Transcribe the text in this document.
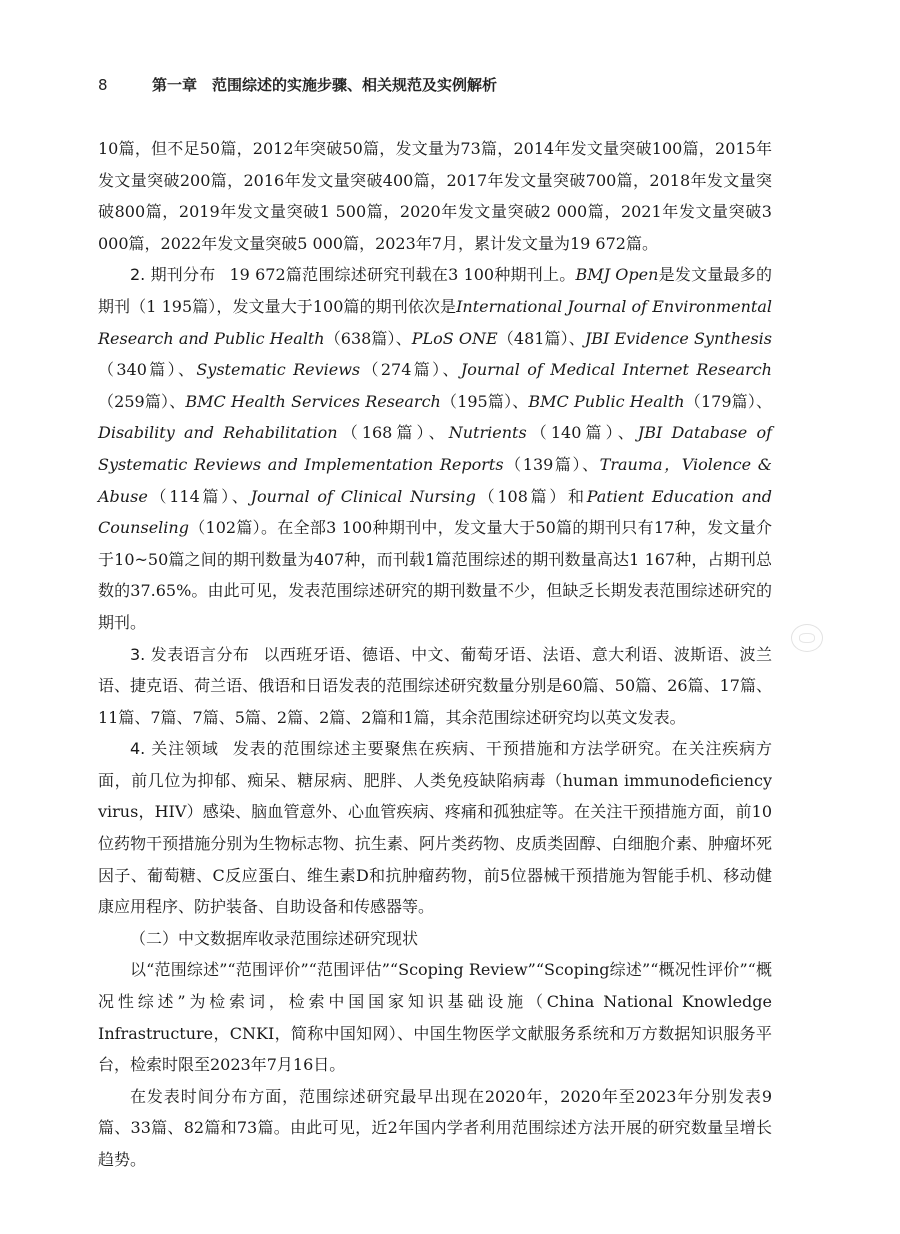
8	第一章　范围综述的实施步骤、相关规范及实例解析

10篇，但不足50篇，2012年突破50篇，发文量为73篇，2014年发文量突破100篇，2015年发文量突破200篇，2016年发文量突破400篇，2017年发文量突破700篇，2018年发文量突破800篇，2019年发文量突破1 500篇，2020年发文量突破2 000篇，2021年发文量突破3 000篇，2022年发文量突破5 000篇，2023年7月，累计发文量为19 672篇。

2. 期刊分布 19 672篇范围综述研究刊载在3 100种期刊上。BMJ Open是发文量最多的期刊（1 195篇），发文量大于100篇的期刊依次是International Journal of Environmental Research and Public Health（638篇）、PLoS ONE（481篇）、JBI Evidence Synthesis（340篇）、Systematic Reviews（274篇）、Journal of Medical Internet Research（259篇）、BMC Health Services Research（195篇）、BMC Public Health（179篇）、Disability and Rehabilitation（168篇）、Nutrients（140篇）、JBI Database of Systematic Reviews and Implementation Reports（139篇）、Trauma，Violence & Abuse（114篇）、Journal of Clinical Nursing（108篇）和Patient Education and Counseling（102篇）。在全部3 100种期刊中，发文量大于50篇的期刊只有17种，发文量介于10~50篇之间的期刊数量为407种，而刊载1篇范围综述的期刊数量高达1 167种，占期刊总数的37.65%。由此可见，发表范围综述研究的期刊数量不少，但缺乏长期发表范围综述研究的期刊。

3. 发表语言分布 以西班牙语、德语、中文、葡萄牙语、法语、意大利语、波斯语、波兰语、捷克语、荷兰语、俄语和日语发表的范围综述研究数量分别是60篇、50篇、26篇、17篇、11篇、7篇、7篇、5篇、2篇、2篇、2篇和1篇，其余范围综述研究均以英文发表。

4. 关注领域 发表的范围综述主要聚焦在疾病、干预措施和方法学研究。在关注疾病方面，前几位为抑郁、痴呆、糖尿病、肥胖、人类免疫缺陷病毒（human immunodeficiency virus，HIV）感染、脑血管意外、心血管疾病、疼痛和孤独症等。在关注干预措施方面，前10位药物干预措施分别为生物标志物、抗生素、阿片类药物、皮质类固醇、白细胞介素、肿瘤坏死因子、葡萄糖、C反应蛋白、维生素D和抗肿瘤药物，前5位器械干预措施为智能手机、移动健康应用程序、防护装备、自助设备和传感器等。

（二）中文数据库收录范围综述研究现状

以“范围综述”“范围评价”“范围评估”“Scoping Review”“Scoping综述”“概况性评价”“概况性综述”为检索词，检索中国国家知识基础设施（China National Knowledge Infrastructure，CNKI，简称中国知网）、中国生物医学文献服务系统和万方数据知识服务平台，检索时限至2023年7月16日。

在发表时间分布方面，范围综述研究最早出现在2020年，2020年至2023年分别发表9篇、33篇、82篇和73篇。由此可见，近2年国内学者利用范围综述方法开展的研究数量呈增长趋势。
